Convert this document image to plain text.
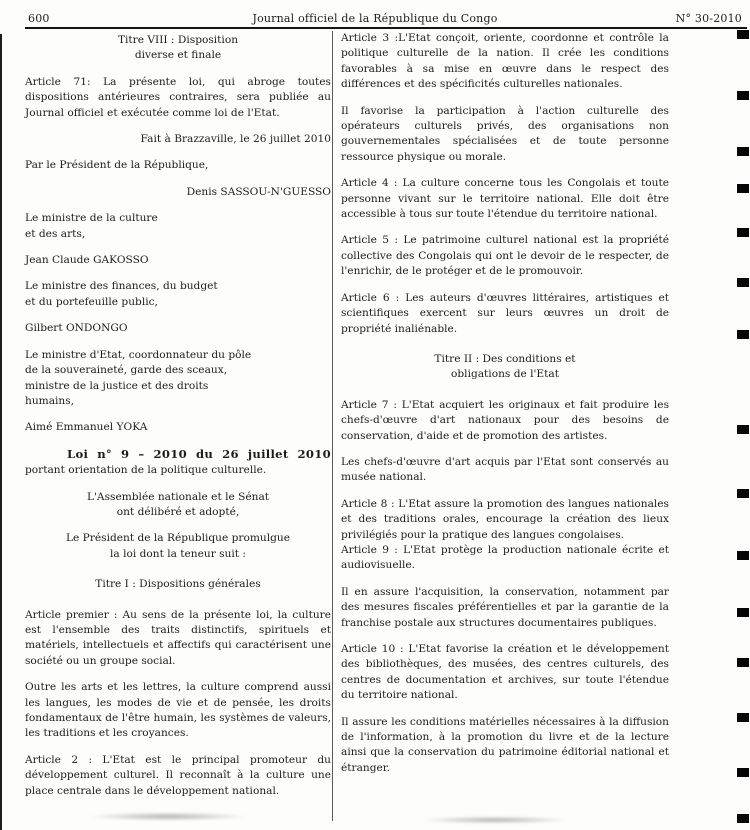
600	Journal officiel de la République du Congo	N° 30-2010
Titre VIII : Disposition
diverse et finale
Article 71: La présente loi, qui abroge toutes dispositions antérieures contraires, sera publiée au Journal officiel et exécutée comme loi de l'Etat.
Fait à Brazzaville, le 26 juillet 2010
Par le Président de la République,
Denis SASSOU-N'GUESSO
Le ministre de la culture
et des arts,
Jean Claude GAKOSSO
Le ministre des finances, du budget
et du portefeuille public,
Gilbert ONDONGO
Le ministre d'Etat, coordonnateur du pôle
de la souveraineté, garde des sceaux,
ministre de la justice et des droits
humains,
Aimé Emmanuel YOKA
Loi n° 9 – 2010 du 26 juillet 2010 portant orientation de la politique culturelle.
L'Assemblée nationale et le Sénat
ont délibéré et adopté,
Le Président de la République promulgue
la loi dont la teneur suit :
Titre I : Dispositions générales
Article premier : Au sens de la présente loi, la culture est l'ensemble des traits distinctifs, spirituels et matériels, intellectuels et affectifs qui caractérisent une société ou un groupe social.
Outre les arts et les lettres, la culture comprend aussi les langues, les modes de vie et de pensée, les droits fondamentaux de l'être humain, les systèmes de valeurs, les traditions et les croyances.
Article 2 : L'Etat est le principal promoteur du développement culturel. Il reconnaît à la culture une place centrale dans le développement national.
Article 3 :L'Etat conçoit, oriente, coordonne et contrôle la politique culturelle de la nation. Il crée les conditions favorables à sa mise en œuvre dans le respect des différences et des spécificités culturelles nationales.
Il favorise la participation à l'action culturelle des opérateurs culturels privés, des organisations non gouvernementales spécialisées et de toute personne ressource physique ou morale.
Article 4 : La culture concerne tous les Congolais et toute personne vivant sur le territoire national. Elle doit être accessible à tous sur toute l'étendue du territoire national.
Article 5 : Le patrimoine culturel national est la propriété collective des Congolais qui ont le devoir de le respecter, de l'enrichir, de le protéger et de le promouvoir.
Article 6 : Les auteurs d'œuvres littéraires, artistiques et scientifiques exercent sur leurs œuvres un droit de propriété inaliénable.
Titre II : Des conditions et
obligations de l'Etat
Article 7 : L'Etat acquiert les originaux et fait produire les chefs-d'œuvre d'art nationaux pour des besoins de conservation, d'aide et de promotion des artistes.
Les chefs-d'œuvre d'art acquis par l'Etat sont conservés au musée national.
Article 8 : L'Etat assure la promotion des langues nationales et des traditions orales, encourage la création des lieux privilégiés pour la pratique des langues congolaises.
Article 9 : L'Etat protège la production nationale écrite et audiovisuelle.
Il en assure l'acquisition, la conservation, notamment par des mesures fiscales préférentielles et par la garantie de la franchise postale aux structures documentaires publiques.
Article 10 : L'Etat favorise la création et le développement des bibliothèques, des musées, des centres culturels, des centres de documentation et archives, sur toute l'étendue du territoire national.
Il assure les conditions matérielles nécessaires à la diffusion de l'information, à la promotion du livre et de la lecture ainsi que la conservation du patrimoine éditorial national et étranger.
